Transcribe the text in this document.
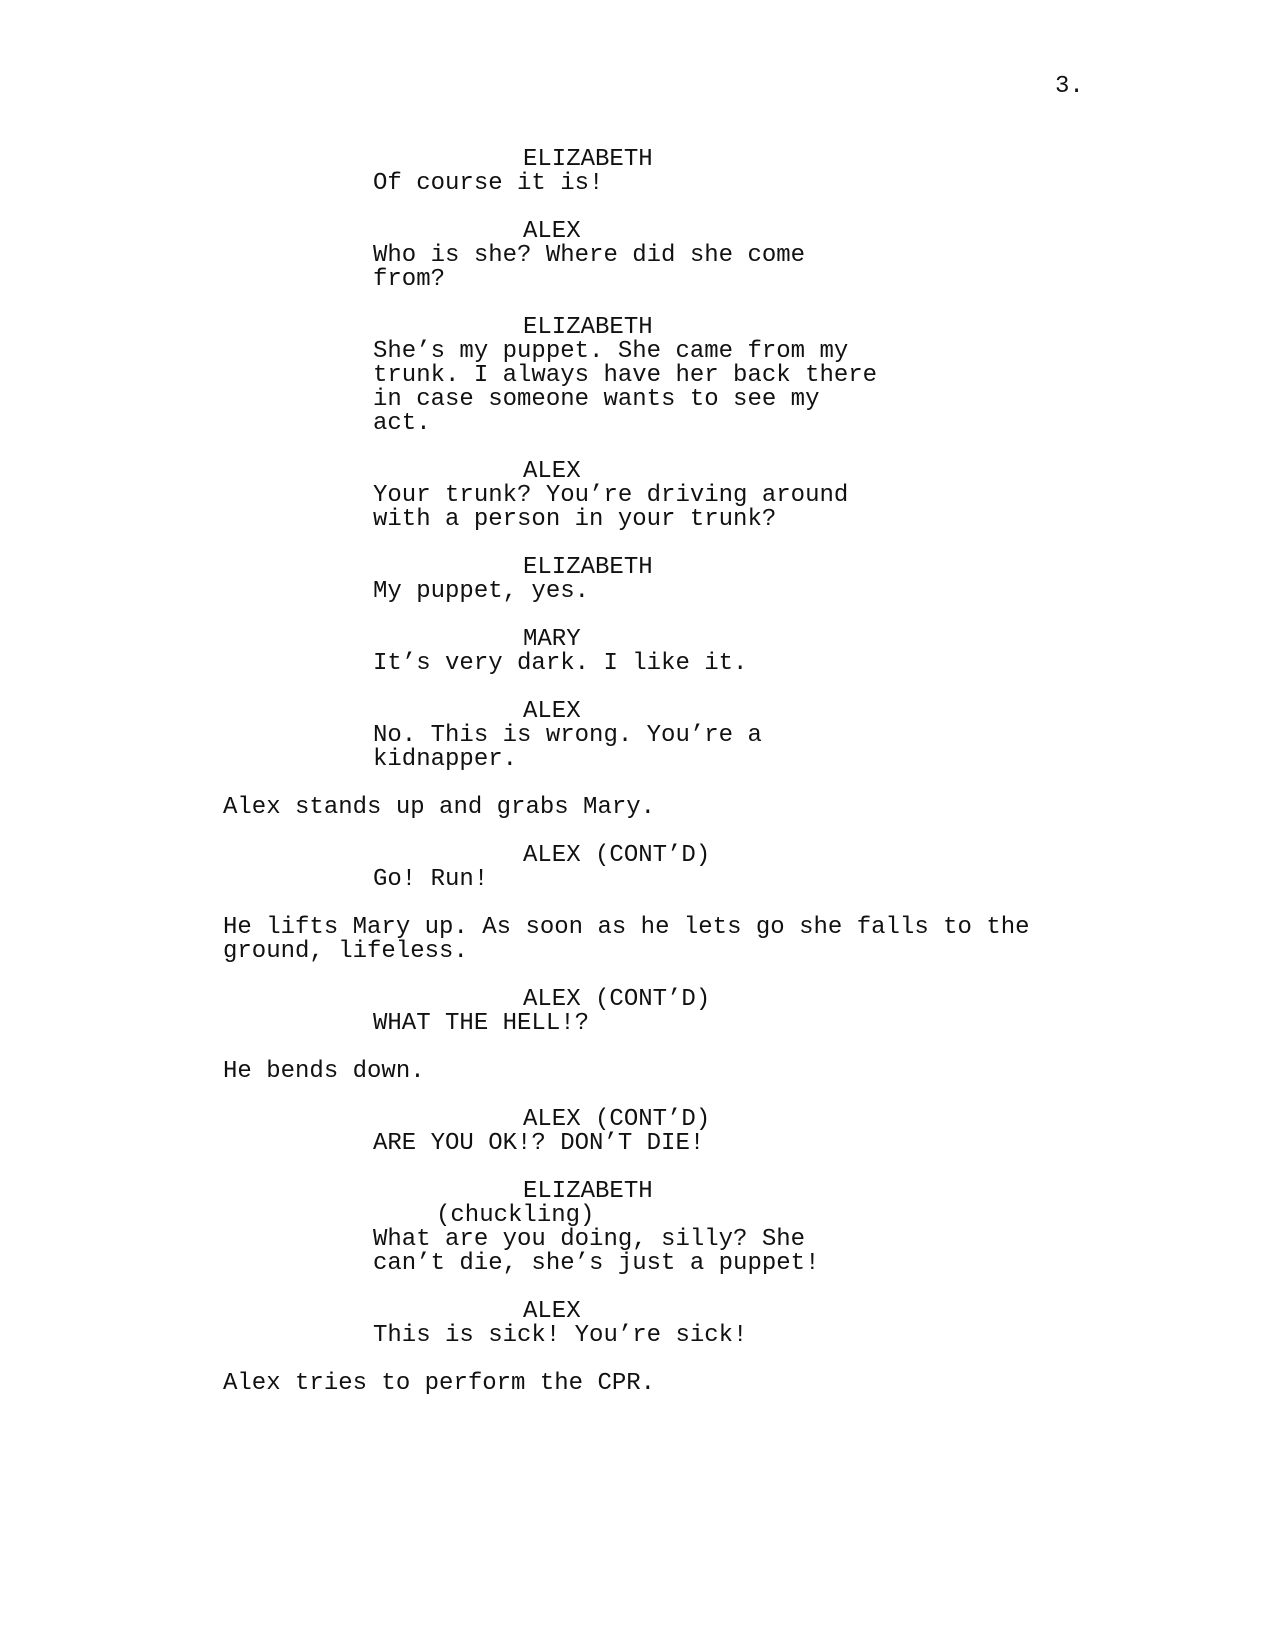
3.
ELIZABETH
Of course it is!
ALEX
Who is she? Where did she come
from?
ELIZABETH
She’s my puppet. She came from my
trunk. I always have her back there
in case someone wants to see my
act.
ALEX
Your trunk? You’re driving around
with a person in your trunk?
ELIZABETH
My puppet, yes.
MARY
It’s very dark. I like it.
ALEX
No. This is wrong. You’re a
kidnapper.
Alex stands up and grabs Mary.
ALEX (CONT’D)
Go! Run!
He lifts Mary up. As soon as he lets go she falls to the
ground, lifeless.
ALEX (CONT’D)
WHAT THE HELL!?
He bends down.
ALEX (CONT’D)
ARE YOU OK!? DON’T DIE!
ELIZABETH
(chuckling)
What are you doing, silly? She
can’t die, she’s just a puppet!
ALEX
This is sick! You’re sick!
Alex tries to perform the CPR.
